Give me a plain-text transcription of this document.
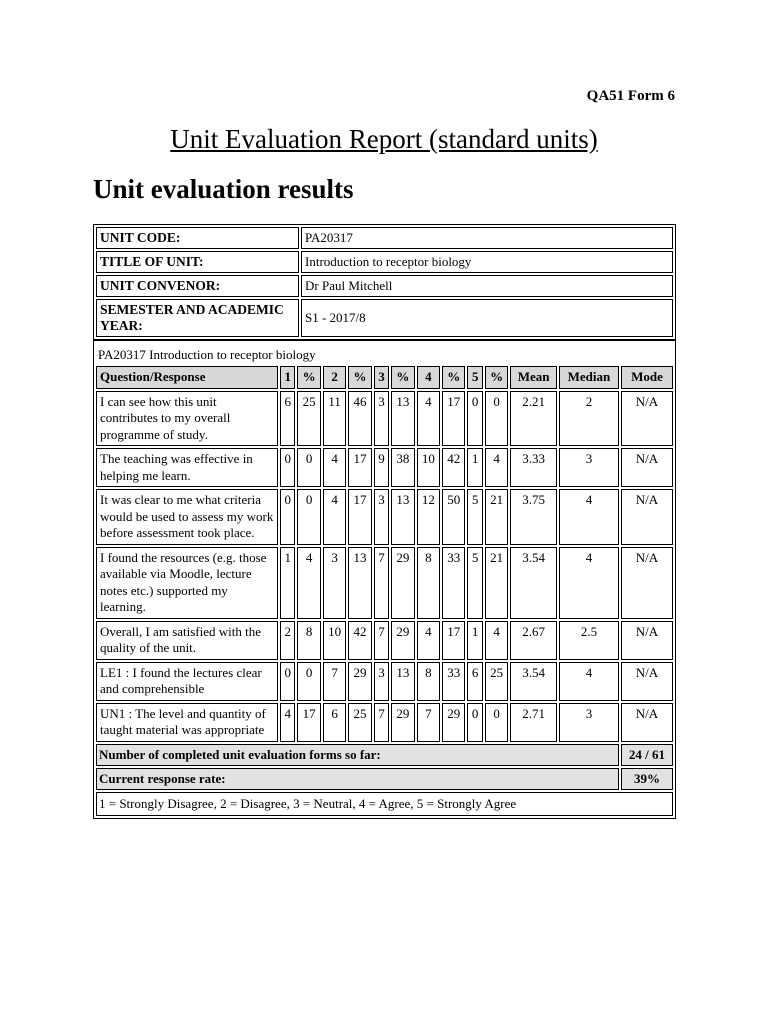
QA51 Form 6
Unit Evaluation Report (standard units)
Unit evaluation results
UNIT CODE:	PA20317
TITLE OF UNIT:	Introduction to receptor biology
UNIT CONVENOR:	Dr Paul Mitchell
SEMESTER AND ACADEMIC YEAR:	S1 - 2017/8
PA20317 Introduction to receptor biology													
Question/Response	1	%	2	%	3	%	4	%	5	%	Mean	Median	Mode
I can see how this unit contributes to my overall programme of study.	6	25	11	46	3	13	4	17	0	0	2.21	2	N/A
The teaching was effective in helping me learn.	0	0	4	17	9	38	10	42	1	4	3.33	3	N/A
It was clear to me what criteria would be used to assess my work before assessment took place.	0	0	4	17	3	13	12	50	5	21	3.75	4	N/A
I found the resources (e.g. those available via Moodle, lecture notes etc.) supported my learning.	1	4	3	13	7	29	8	33	5	21	3.54	4	N/A
Overall, I am satisfied with the quality of the unit.	2	8	10	42	7	29	4	17	1	4	2.67	2.5	N/A
LE1 : I found the lectures clear and comprehensible	0	0	7	29	3	13	8	33	6	25	3.54	4	N/A
UN1 : The level and quantity of taught material was appropriate	4	17	6	25	7	29	7	29	0	0	2.71	3	N/A
Number of completed unit evaluation forms so far:													24 / 61
Current response rate:													39%
1 = Strongly Disagree, 2 = Disagree, 3 = Neutral, 4 = Agree, 5 = Strongly Agree													
